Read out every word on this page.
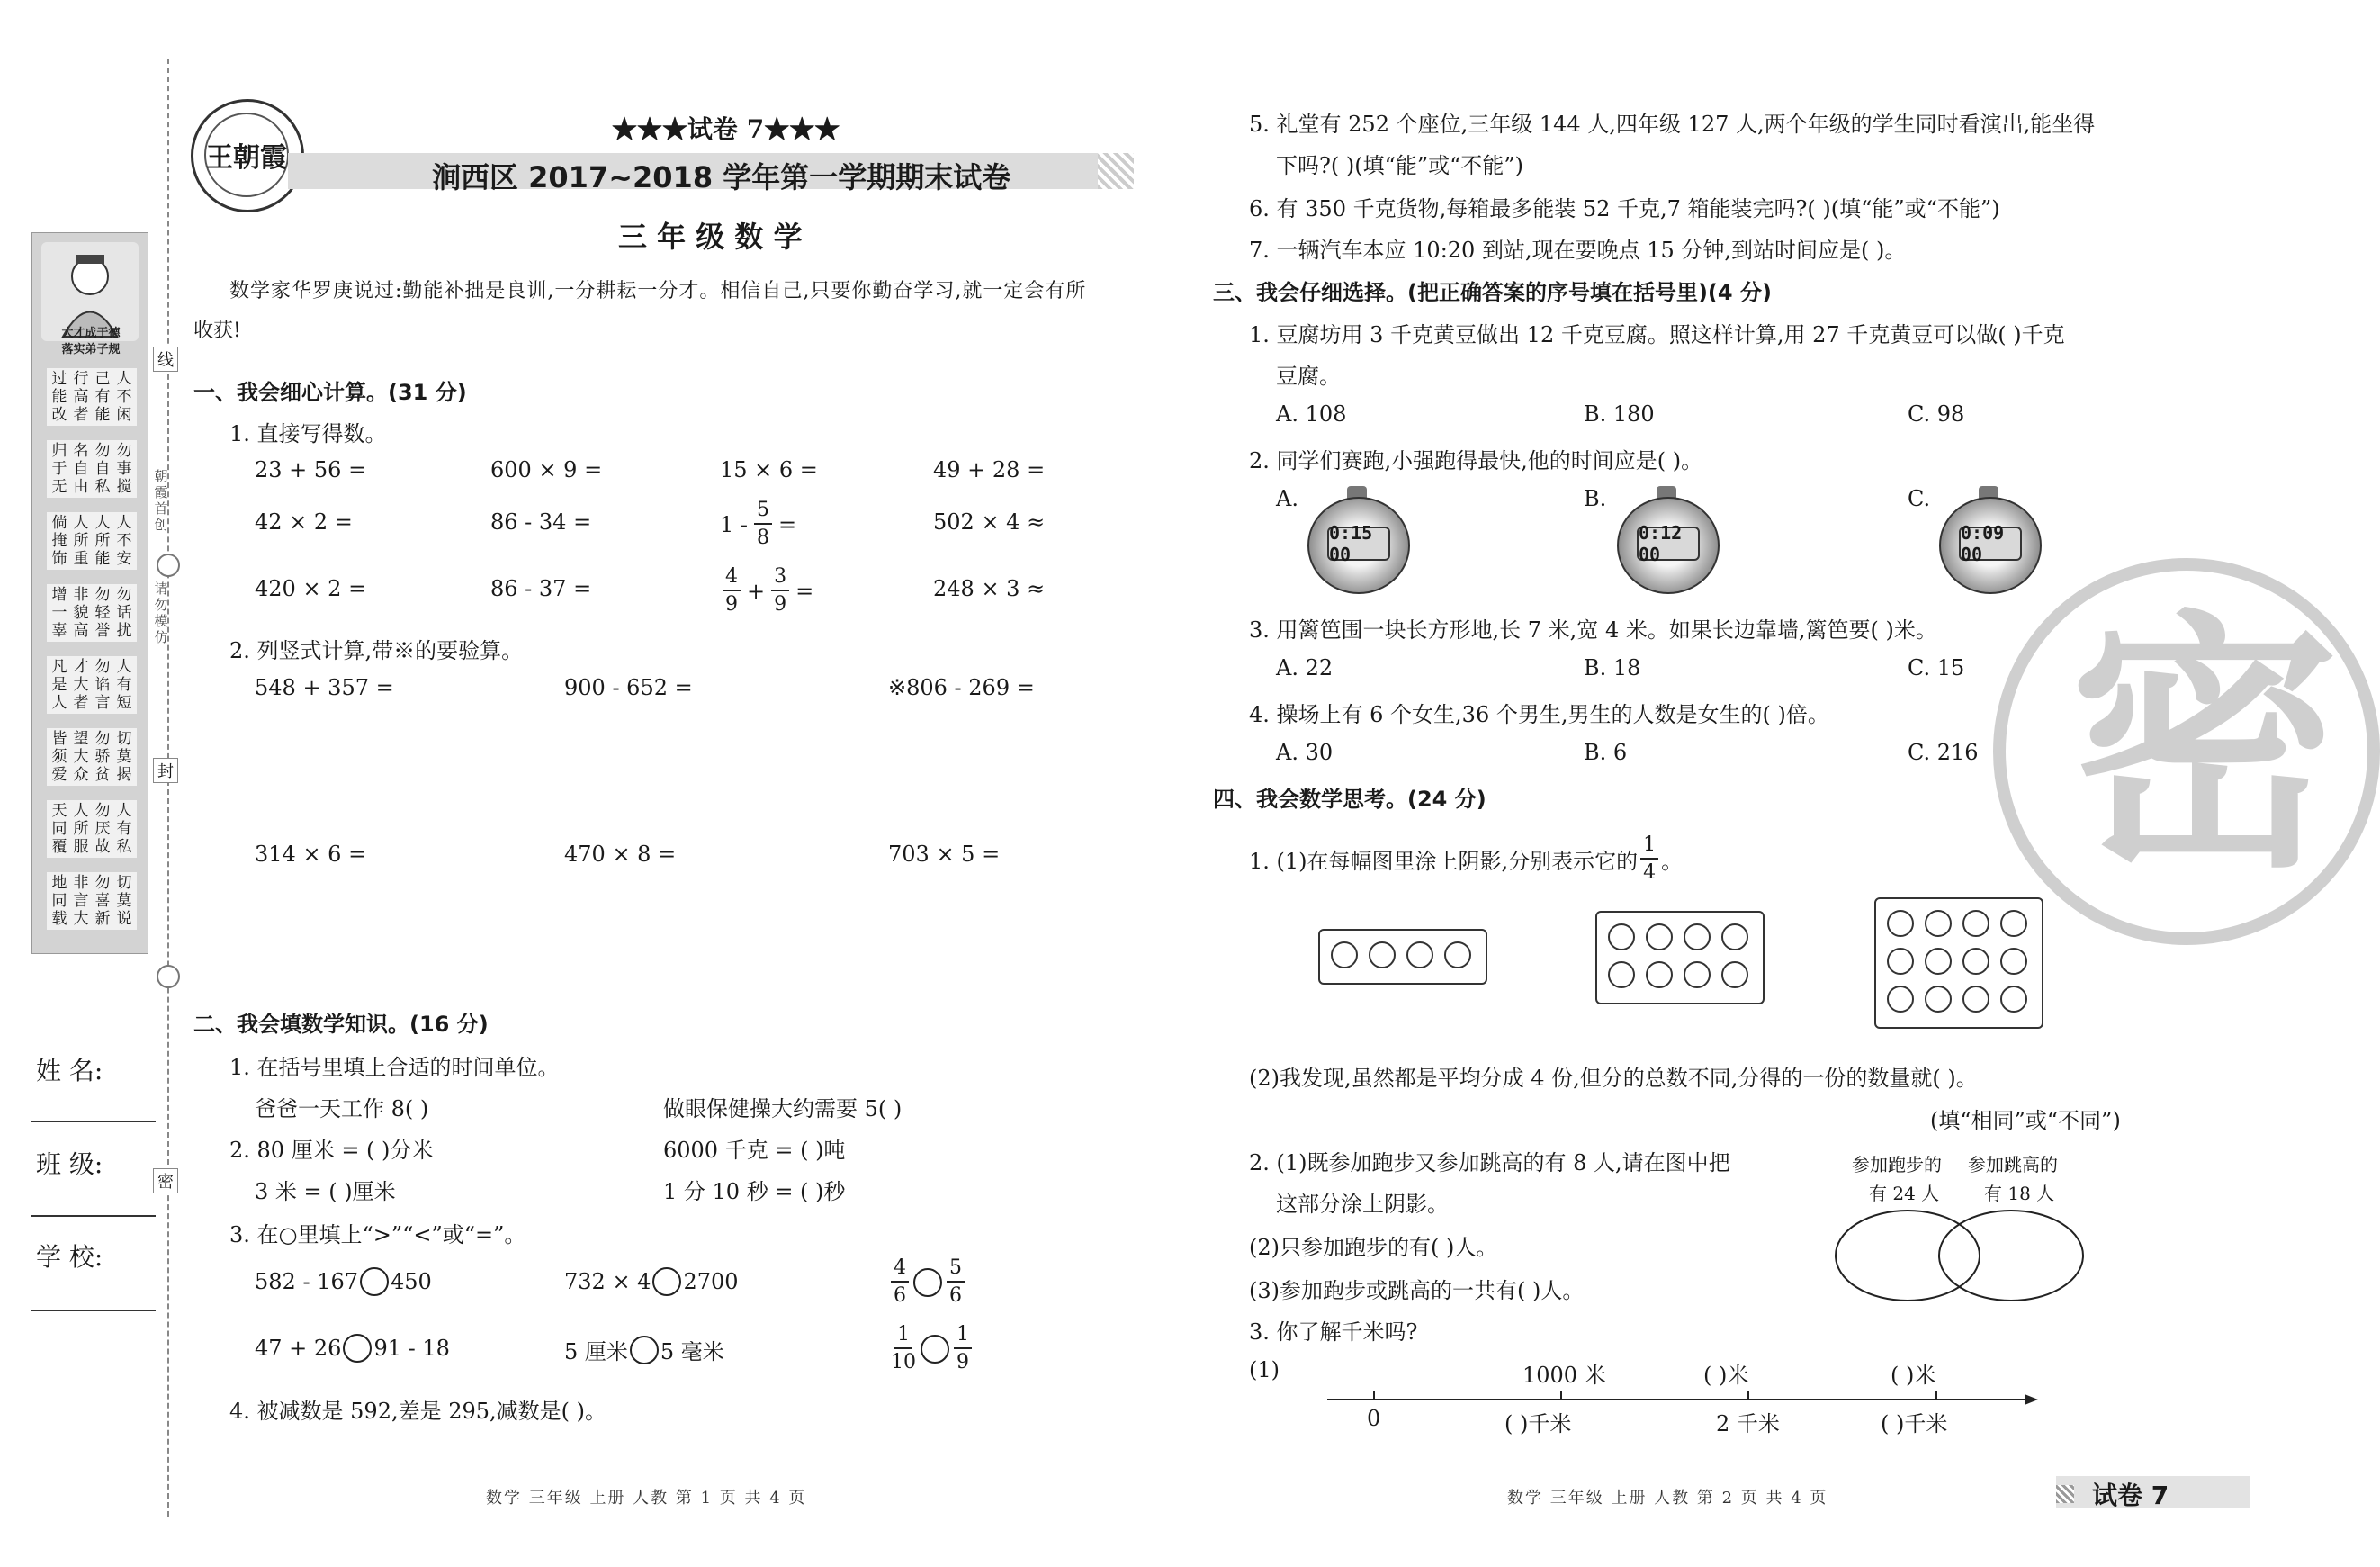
线
朝霞首创
请勿模仿
封
密
大才成于德
落实弟子规
人不闲
己有能
行高者
过能改
勿事搅
勿自私
名自由
归于无
人不安
人所能
人所重
倘掩饰
勿话扰
勿轻誉
非貌高
增一辜
人有短
勿谄言
才大者
凡是人
切莫揭
勿骄贫
望大众
皆须爱
人有私
勿厌故
人所服
天同覆
切莫说
勿喜新
非言大
地同载
姓 名:
班 级:
学 校:
王朝霞
★★★试卷 7★★★
涧西区 2017~2018 学年第一学期期末试卷
三 年 级 数 学
数学家华罗庚说过:勤能补拙是良训,一分耕耘一分才。相信自己,只要你勤奋学习,就一定会有所
收获!
一、我会细心计算。(31 分)
1. 直接写得数。
23 + 56 =	600 × 9 =	15 × 6 =	49 + 28 =
42 × 2 =	86 - 34 =	$1 - \frac{5}{8}$ =	502 × 4 ≈
420 × 2 =	86 - 37 =	$\frac{4}{9} + \frac{3}{9}$ =	248 × 3 ≈
2. 列竖式计算,带※的要验算。
548 + 357 =	900 - 652 =	※806 - 269 =
314 × 6 =	470 × 8 =	703 × 5 =
二、我会填数学知识。(16 分)
1. 在括号里填上合适的时间单位。
爸爸一天工作 8( )	做眼保健操大约需要 5( )
2. 80 厘米 = ( )分米	6000 千克 = ( )吨
3 米 = ( )厘米	1 分 10 秒 = ( )秒
3. 在○里填上“>”“<”或“=”。
582 - 167 450	732 × 4 2700	$\frac{4}{6} \frac{5}{6}$
47 + 26 91 - 18	5 厘米 5 毫米	$\frac{1}{10} \frac{1}{9}$
4. 被减数是 592,差是 295,减数是( )。
数学 三年级 上册 人教 第 1 页 共 4 页
密
5. 礼堂有 252 个座位,三年级 144 人,四年级 127 人,两个年级的学生同时看演出,能坐得
下吗?( )(填“能”或“不能”)
6. 有 350 千克货物,每箱最多能装 52 千克,7 箱能装完吗?( )(填“能”或“不能”)
7. 一辆汽车本应 10:20 到站,现在要晚点 15 分钟,到站时间应是( )。
三、我会仔细选择。(把正确答案的序号填在括号里)(4 分)
1. 豆腐坊用 3 千克黄豆做出 12 千克豆腐。照这样计算,用 27 千克黄豆可以做( )千克
豆腐。
A. 108	B. 180	C. 98
2. 同学们赛跑,小强跑得最快,他的时间应是( )。
A.	B.	C.
0:15 00
0:12 00
0:09 00
3. 用篱笆围一块长方形地,长 7 米,宽 4 米。如果长边靠墙,篱笆要( )米。
A. 22	B. 18	C. 15
4. 操场上有 6 个女生,36 个男生,男生的人数是女生的( )倍。
A. 30	B. 6	C. 216
四、我会数学思考。(24 分)
1. (1)在每幅图里涂上阴影,分别表示它的 $\frac{1}{4}$ 。
(2)我发现,虽然都是平均分成 4 份,但分的总数不同,分得的一份的数量就( )。
(填“相同”或“不同”)
2. (1)既参加跑步又参加跳高的有 8 人,请在图中把
这部分涂上阴影。
(2)只参加跑步的有( )人。
(3)参加跑步或跳高的一共有( )人。
参加跑步的
有 24 人
参加跳高的
有 18 人
3. 你了解千米吗?
(1)	1000 米	( )米	( )米
0	( )千米	2 千米	( )千米
数学 三年级 上册 人教 第 2 页 共 4 页	试卷 7
